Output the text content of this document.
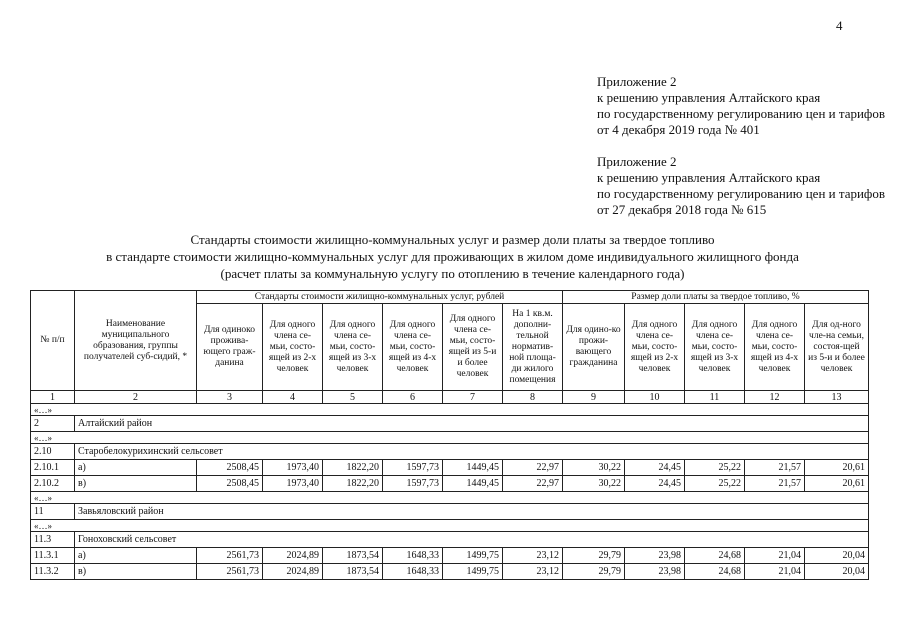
4
Приложение 2
к решению управления Алтайского края
по государственному регулированию цен и тарифов
от 4 декабря 2019 года № 401
Приложение 2
к решению управления Алтайского края
по государственному регулированию цен и тарифов
от 27 декабря 2018 года № 615
Стандарты стоимости жилищно-коммунальных услуг и размер доли платы за твердое топливо
в стандарте стоимости жилищно-коммунальных услуг для проживающих в жилом доме индивидуального жилищного фонда
(расчет платы за коммунальную услугу по отоплению в течение календарного года)
№ п/п	Наименование муниципального образования, группы получателей суб-сидий, *	Стандарты стоимости жилищно-коммунальных услуг, рублей						Размер доли платы за твердое топливо, %				
		Для одиноко прожива-ющего граж-данина	Для одного члена се-мьи, состо-ящей из 2-х человек	Для одного члена се-мьи, состо-ящей из 3-х человек	Для одного члена се-мьи, состо-ящей из 4-х человек	Для одного члена се-мьи, состо-ящей из 5-и и более человек	На 1 кв.м. дополни-тельной норматив-ной площа-ди жилого помещения	Для одино-ко прожи-вающего гражданина	Для одного члена се-мьи, состо-ящей из 2-х человек	Для одного члена се-мьи, состо-ящей из 3-х человек	Для одного члена се-мьи, состо-ящей из 4-х человек	Для од-ного чле-на семьи, состоя-щей из 5-и и более человек
1	2	3	4	5	6	7	8	9	10	11	12	13
«…»												
2	Алтайский район											
«…»												
2.10	Старобелокурихинский сельсовет											
2.10.1	а)	2508,45	1973,40	1822,20	1597,73	1449,45	22,97	30,22	24,45	25,22	21,57	20,61
2.10.2	в)	2508,45	1973,40	1822,20	1597,73	1449,45	22,97	30,22	24,45	25,22	21,57	20,61
«…»												
11	Завьяловский район											
«…»												
11.3	Гоноховский сельсовет											
11.3.1	а)	2561,73	2024,89	1873,54	1648,33	1499,75	23,12	29,79	23,98	24,68	21,04	20,04
11.3.2	в)	2561,73	2024,89	1873,54	1648,33	1499,75	23,12	29,79	23,98	24,68	21,04	20,04
